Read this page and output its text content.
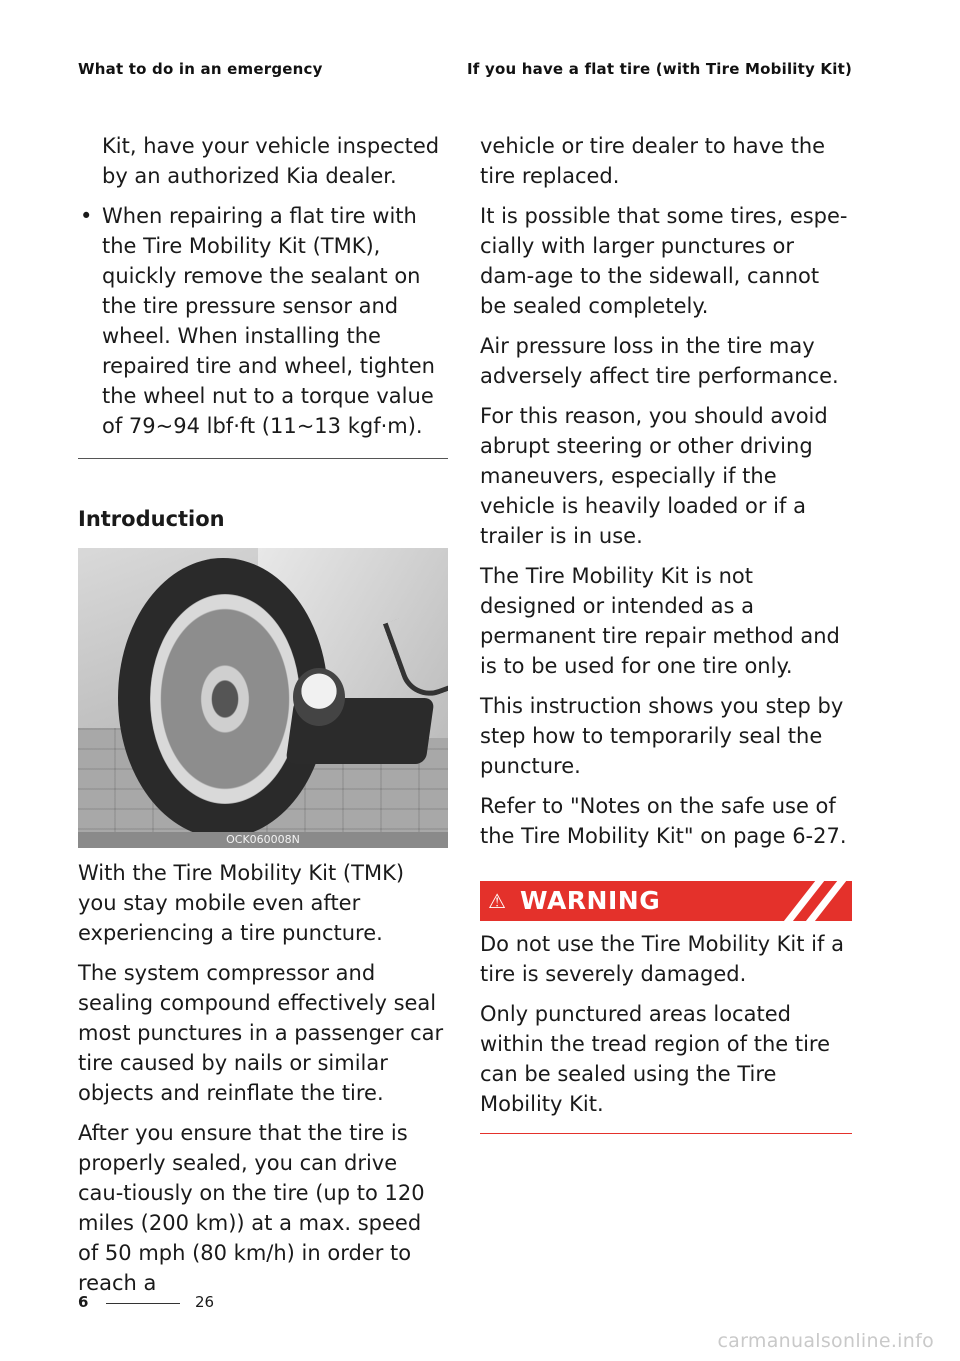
What to do in an emergency	If you have a flat tire (with Tire Mobility Kit)

Kit, have your vehicle inspected by an authorized Kia dealer.

• When repairing a flat tire with the Tire Mobility Kit (TMK), quickly remove the sealant on the tire pressure sensor and wheel. When installing the repaired tire and wheel, tighten the wheel nut to a torque value of 79~94 lbf·ft (11~13 kgf·m).
Introduction
OCK060008N

With the Tire Mobility Kit (TMK) you stay mobile even after experiencing a tire puncture.

The system compressor and sealing compound effectively seal most punctures in a passenger car tire caused by nails or similar objects and reinflate the tire.

After you ensure that the tire is properly sealed, you can drive cau-tiously on the tire (up to 120 miles (200 km)) at a max. speed of 50 mph (80 km/h) in order to reach a

vehicle or tire dealer to have the tire replaced.

It is possible that some tires, espe-cially with larger punctures or dam-age to the sidewall, cannot be sealed completely.

Air pressure loss in the tire may adversely affect tire performance.

For this reason, you should avoid abrupt steering or other driving maneuvers, especially if the vehicle is heavily loaded or if a trailer is in use.

The Tire Mobility Kit is not designed or intended as a permanent tire repair method and is to be used for one tire only.

This instruction shows you step by step how to temporarily seal the puncture.

Refer to "Notes on the safe use of the Tire Mobility Kit" on page 6-27.

⚠ WARNING

Do not use the Tire Mobility Kit if a tire is severely damaged.

Only punctured areas located within the tread region of the tire can be sealed using the Tire Mobility Kit.

6	26
carmanualsonline.info
